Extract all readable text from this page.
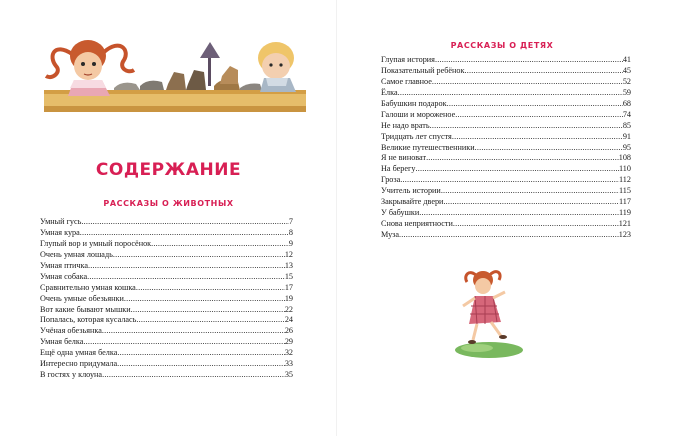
СОДЕРЖАНИЕ
РАССКАЗЫ О ЖИВОТНЫХ
Умный гусь .....	7
Умная кура .....	8
Глупый вор и умный поросёнок .....	9
Очень умная лошадь .....	12
Умная птичка .....	13
Умная собака .....	15
Сравнительно умная кошка .....	17
Очень умные обезьянки .....	19
Вот какие бывают мышки .....	22
Попалась, которая кусалась .....	24
Учёная обезьянка .....	26
Умная белка .....	29
Ещё одна умная белка .....	32
Интересно придумала .....	33
В гостях у клоуна .....	35
РАССКАЗЫ О ДЕТЯХ
Глупая история .....	41
Показательный ребёнок .....	45
Самое главное .....	52
Ёлка .....	59
Бабушкин подарок .....	68
Галоши и мороженое .....	74
Не надо врать .....	85
Тридцать лет спустя .....	91
Великие путешественники .....	95
Я не виноват .....	108
На берегу .....	110
Гроза .....	112
Учитель истории .....	115
Закрывайте двери .....	117
У бабушки .....	119
Снова неприятности .....	121
Муза .....	123
